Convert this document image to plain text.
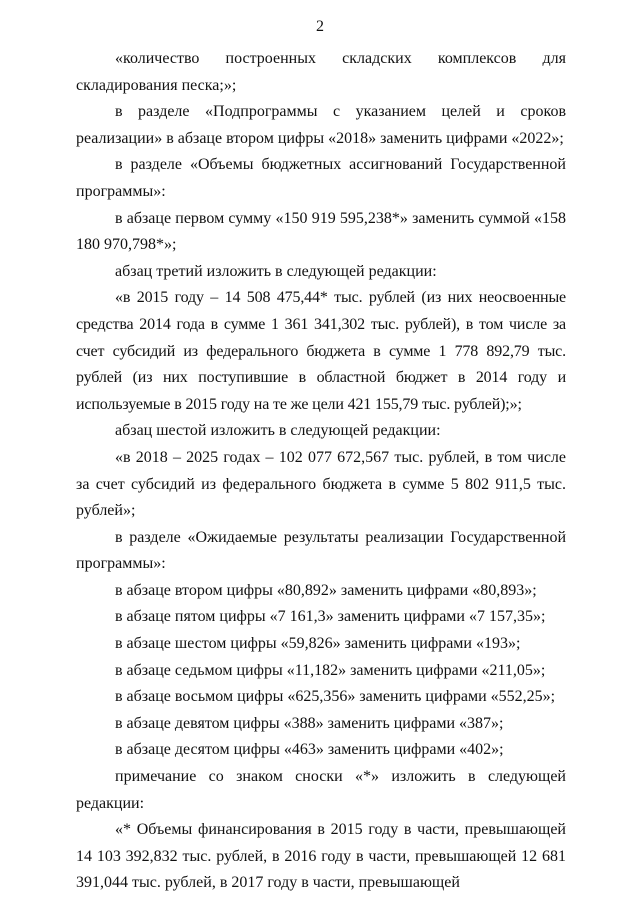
2

«количество построенных складских комплексов для складирования песка;»;

в разделе «Подпрограммы с указанием целей и сроков реализации» в абзаце втором цифры «2018» заменить цифрами «2022»;

в разделе «Объемы бюджетных ассигнований Государственной программы»:

в абзаце первом сумму «150 919 595,238*» заменить суммой «158 180 970,798*»;

абзац третий изложить в следующей редакции:

«в 2015 году – 14 508 475,44* тыс. рублей (из них неосвоенные средства 2014 года в сумме 1 361 341,302 тыс. рублей), в том числе за счет субсидий из федерального бюджета в сумме 1 778 892,79 тыс. рублей (из них поступившие в областной бюджет в 2014 году и используемые в 2015 году на те же цели 421 155,79 тыс. рублей);»;

абзац шестой изложить в следующей редакции:

«в 2018 – 2025 годах – 102 077 672,567 тыс. рублей, в том числе за счет субсидий из федерального бюджета в сумме 5 802 911,5 тыс. рублей»;

в разделе «Ожидаемые результаты реализации Государственной программы»:

в абзаце втором цифры «80,892» заменить цифрами «80,893»;

в абзаце пятом цифры «7 161,3» заменить цифрами «7 157,35»;

в абзаце шестом цифры «59,826» заменить цифрами «193»;

в абзаце седьмом цифры «11,182» заменить цифрами «211,05»;

в абзаце восьмом цифры «625,356» заменить цифрами «552,25»;

в абзаце девятом цифры «388» заменить цифрами «387»;

в абзаце десятом цифры «463» заменить цифрами «402»;

примечание со знаком сноски «*» изложить в следующей редакции:

«* Объемы финансирования в 2015 году в части, превышающей 14 103 392,832 тыс. рублей, в 2016 году в части, превышающей 12 681 391,044 тыс. рублей, в 2017 году в части, превышающей
